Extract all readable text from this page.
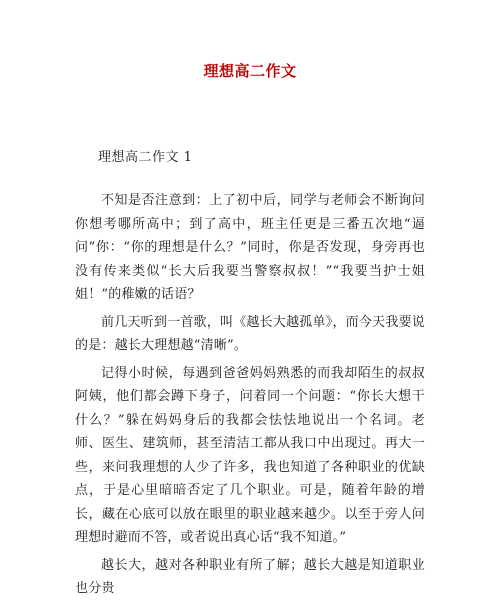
理想高二作文
理想高二作文 1

不知是否注意到：上了初中后，同学与老师会不断询问你想考哪所高中；到了高中，班主任更是三番五次地“逼问”你：“你的理想是什么？”同时，你是否发现，身旁再也没有传来类似“长大后我要当警察叔叔！”“我要当护士姐姐！”的稚嫩的话语？

前几天听到一首歌，叫《越长大越孤单》，而今天我要说的是：越长大理想越“清晰”。

记得小时候，每遇到爸爸妈妈熟悉的而我却陌生的叔叔阿姨，他们都会蹲下身子，问着同一个问题：“你长大想干什么？”躲在妈妈身后的我都会怯怯地说出一个名词。老师、医生、建筑师，甚至清洁工都从我口中出现过。再大一些，来问我理想的人少了许多，我也知道了各种职业的优缺点，于是心里暗暗否定了几个职业。可是，随着年龄的增长，藏在心底可以放在眼里的职业越来越少。以至于旁人问理想时避而不答，或者说出真心话“我不知道。”

越长大，越对各种职业有所了解；越长大越是知道职业也分贵
